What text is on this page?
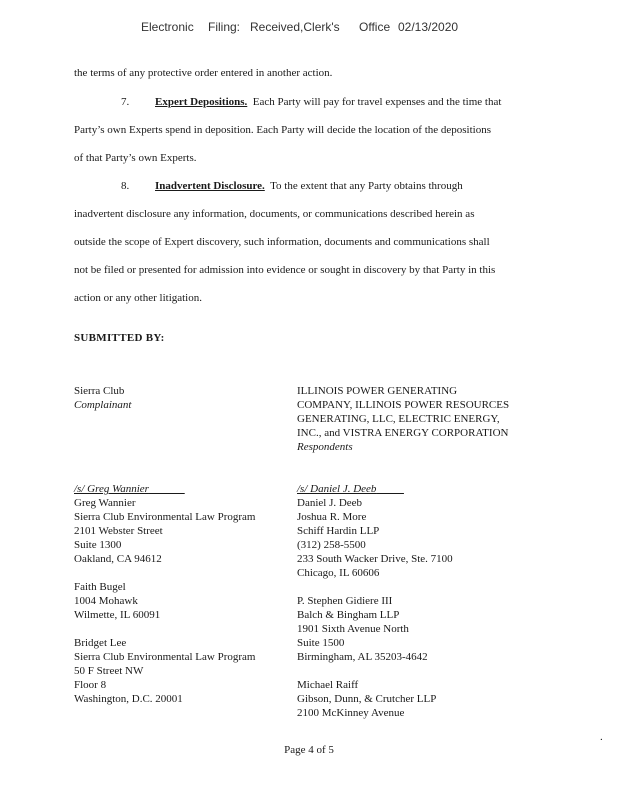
Electronic Filing: Received,Clerk's Office 02/13/2020
the terms of any protective order entered in another action.
7. Expert Depositions. Each Party will pay for travel expenses and the time that
Party’s own Experts spend in deposition. Each Party will decide the location of the depositions
of that Party’s own Experts.
8. Inadvertent Disclosure. To the extent that any Party obtains through
inadvertent disclosure any information, documents, or communications described herein as
outside the scope of Expert discovery, such information, documents and communications shall
not be filed or presented for admission into evidence or sought in discovery by that Party in this
action or any other litigation.
SUBMITTED BY:
Sierra Club
Complainant
ILLINOIS POWER GENERATING
COMPANY, ILLINOIS POWER RESOURCES
GENERATING, LLC, ELECTRIC ENERGY,
INC., and VISTRA ENERGY CORPORATION
Respondents
/s/ Greg Wannier
Greg Wannier
Sierra Club Environmental Law Program
2101 Webster Street
Suite 1300
Oakland, CA 94612
Faith Bugel
1004 Mohawk
Wilmette, IL 60091
Bridget Lee
Sierra Club Environmental Law Program
50 F Street NW
Floor 8
Washington, D.C. 20001
/s/ Daniel J. Deeb
Daniel J. Deeb
Joshua R. More
Schiff Hardin LLP
(312) 258-5500
233 South Wacker Drive, Ste. 7100
Chicago, IL 60606
P. Stephen Gidiere III
Balch & Bingham LLP
1901 Sixth Avenue North
Suite 1500
Birmingham, AL 35203-4642
Michael Raiff
Gibson, Dunn, & Crutcher LLP
2100 McKinney Avenue
.
Page 4 of 5
